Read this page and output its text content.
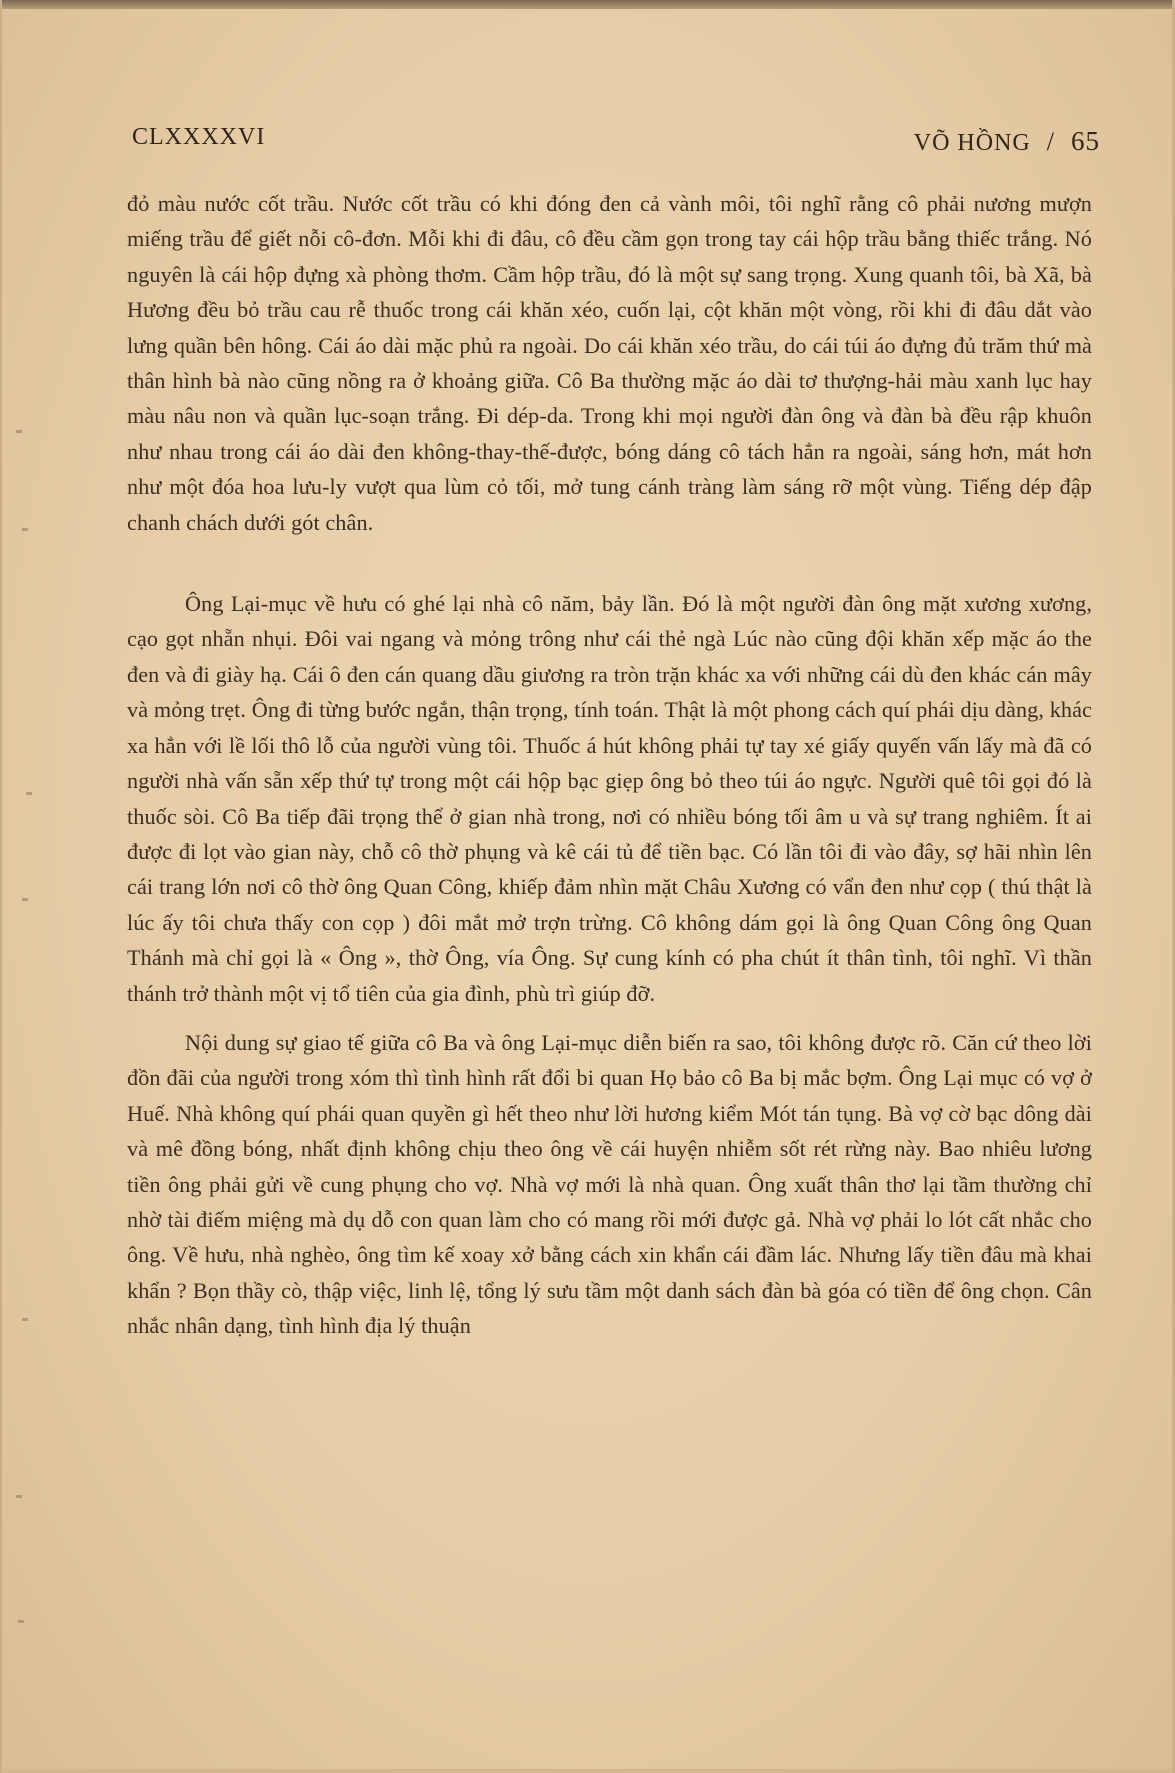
CLXXXXVI	VÕ HỒNG / 65

đỏ màu nước cốt trầu. Nước cốt trầu có khi đóng đen cả vành môi, tôi nghĩ rằng cô phải nương mượn miếng trầu để giết nỗi cô-đơn. Mỗi khi đi đâu, cô đều cầm gọn trong tay cái hộp trầu bằng thiếc trắng. Nó nguyên là cái hộp đựng xà phòng thơm. Cầm hộp trầu, đó là một sự sang trọng. Xung quanh tôi, bà Xã, bà Hương đều bỏ trầu cau rễ thuốc trong cái khăn xéo, cuốn lại, cột khăn một vòng, rồi khi đi đâu dắt vào lưng quần bên hông. Cái áo dài mặc phủ ra ngoài. Do cái khăn xéo trầu, do cái túi áo đựng đủ trăm thứ mà thân hình bà nào cũng nồng ra ở khoảng giữa. Cô Ba thường mặc áo dài tơ thượng-hải màu xanh lục hay màu nâu non và quần lục-soạn trắng. Đi dép-da. Trong khi mọi người đàn ông và đàn bà đều rập khuôn như nhau trong cái áo dài đen không-thay-thế-được, bóng dáng cô tách hẳn ra ngoài, sáng hơn, mát hơn như một đóa hoa lưu-ly vượt qua lùm cỏ tối, mở tung cánh tràng làm sáng rỡ một vùng. Tiếng dép đập chanh chách dưới gót chân.

Ông Lại-mục về hưu có ghé lại nhà cô năm, bảy lần. Đó là một người đàn ông mặt xương xương, cạo gọt nhẵn nhụi. Đôi vai ngang và mỏng trông như cái thẻ ngà Lúc nào cũng đội khăn xếp mặc áo the đen và đi giày hạ. Cái ô đen cán quang dầu giương ra tròn trặn khác xa với những cái dù đen khác cán mây và mỏng trẹt. Ông đi từng bước ngắn, thận trọng, tính toán. Thật là một phong cách quí phái dịu dàng, khác xa hẳn với lề lối thô lỗ của người vùng tôi. Thuốc á hút không phải tự tay xé giấy quyến vấn lấy mà đã có người nhà vấn sẵn xếp thứ tự trong một cái hộp bạc giẹp ông bỏ theo túi áo ngực. Người quê tôi gọi đó là thuốc sòi. Cô Ba tiếp đãi trọng thể ở gian nhà trong, nơi có nhiều bóng tối âm u và sự trang nghiêm. Ít ai được đi lọt vào gian này, chỗ cô thờ phụng và kê cái tủ để tiền bạc. Có lần tôi đi vào đây, sợ hãi nhìn lên cái trang lớn nơi cô thờ ông Quan Công, khiếp đảm nhìn mặt Châu Xương có vẩn đen như cọp ( thú thật là lúc ấy tôi chưa thấy con cọp ) đôi mắt mở trợn trừng. Cô không dám gọi là ông Quan Công ông Quan Thánh mà chỉ gọi là « Ông », thờ Ông, vía Ông. Sự cung kính có pha chút ít thân tình, tôi nghĩ. Vì thần thánh trở thành một vị tổ tiên của gia đình, phù trì giúp đỡ.

Nội dung sự giao tế giữa cô Ba và ông Lại-mục diễn biến ra sao, tôi không được rõ. Căn cứ theo lời đồn đãi của người trong xóm thì tình hình rất đổi bi quan Họ bảo cô Ba bị mắc bợm. Ông Lại mục có vợ ở Huế. Nhà không quí phái quan quyền gì hết theo như lời hương kiểm Mót tán tụng. Bà vợ cờ bạc dông dài và mê đồng bóng, nhất định không chịu theo ông về cái huyện nhiễm sốt rét rừng này. Bao nhiêu lương tiền ông phải gửi về cung phụng cho vợ. Nhà vợ mới là nhà quan. Ông xuất thân thơ lại tầm thường chỉ nhờ tài điếm miệng mà dụ dỗ con quan làm cho có mang rồi mới được gả. Nhà vợ phải lo lót cất nhắc cho ông. Về hưu, nhà nghèo, ông tìm kế xoay xở bằng cách xin khẩn cái đầm lác. Nhưng lấy tiền đâu mà khai khẩn ? Bọn thầy cò, thập việc, linh lệ, tổng lý sưu tầm một danh sách đàn bà góa có tiền để ông chọn. Cân nhắc nhân dạng, tình hình địa lý thuận
